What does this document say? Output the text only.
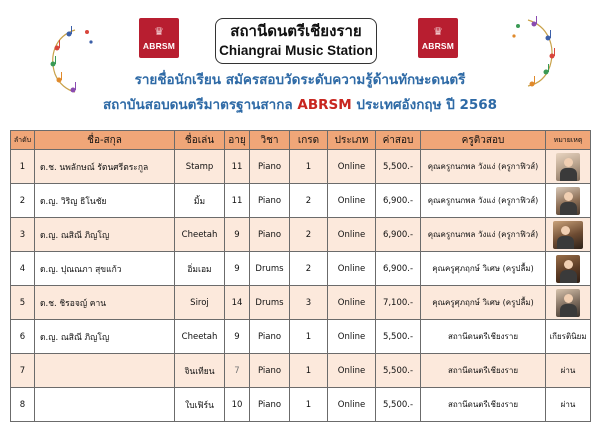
♛
ABRSM
สถานีดนตรีเชียงราย
Chiangrai Music Station
♛
ABRSM
รายชื่อนักเรียน สมัครสอบวัดระดับความรู้ด้านทักษะดนตรี
สถาบันสอบดนตรีมาตรฐานสากล ABRSM ประเทศอังกฤษ ปี 2568
ลำดับ	ชื่อ-สกุล	ชื่อเล่น	อายุ	วิชา	เกรด	ประเภท	ค่าสอบ	ครูติวสอบ	หมายเหตุ
1	ด.ช. นพลักษณ์ รัตนศรีตระกูล	Stamp	11	Piano	1	Online	5,500.-	คุณครูกนกพล วังแง่ (ครูกาฟิวส์)	

2	ด.ญ. วิริญ ธิโนชัย	มิ้ม	11	Piano	2	Online	6,900.-	คุณครูกนกพล วังแง่ (ครูกาฟิวส์)	

3	ด.ญ. ณสิณี ภิญโญ	Cheetah	9	Piano	2	Online	6,900.-	คุณครูกนกพล วังแง่ (ครูกาฟิวส์)	

4	ด.ญ. ปุณณภา สุขแก้ว	อิ่มเอม	9	Drums	2	Online	6,900.-	คุณครูศุภฤกษ์ วิเศษ (ครูปลื้ม)	

5	ด.ช. ชิรอจญ์ คาน	Siroj	14	Drums	3	Online	7,100.-	คุณครูศุภฤกษ์ วิเศษ (ครูปลื้ม)	

6	ด.ญ. ณสิณี ภิญโญ	Cheetah	9	Piano	1	Online	5,500.-	สถานีดนตรีเชียงราย	เกียรตินิยม
7		จินเทียน	7	Piano	1	Online	5,500.-	สถานีดนตรีเชียงราย	ผ่าน
8		ใบเฟิร์น	10	Piano	1	Online	5,500.-	สถานีดนตรีเชียงราย	ผ่าน
